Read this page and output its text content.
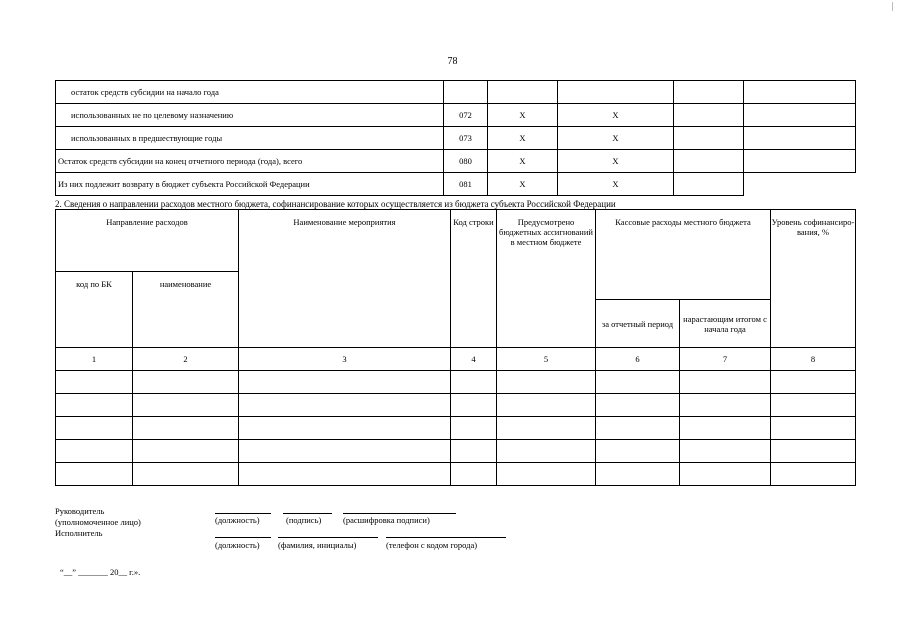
78
остаток средств субсидии на начало года					
использованных не по целевому назначению	072	X	X		
использованных в предшествующие годы	073	X	X		
Остаток средств субсидии на конец отчетного периода (года), всего	080	X	X		
Из них подлежит возврату в бюджет субъекта Российской Федерации	081	X	X		
2. Сведения о направлении расходов местного бюджета, софинансирование которых осуществляется из бюджета субъекта Российской Федерации
Направление расходов		Наименование мероприятия	Код строки	Предусмотрено бюджетных ассигнований в местном бюджете	Кассовые расходы местного бюджета		Уровень софинансиро-вания, %
код по БК	наименование						
					за отчетный период	нарастающим итогом с начала года	
1	2	3	4	5	6	7	8

Руководитель
(уполномоченное лицо)
Исполнитель
(должность)	(подпись)	(расшифровка подписи)
(должность) (фамилия, инициалы)	(телефон с кодом города)
“__” _______ 20__ г.».
